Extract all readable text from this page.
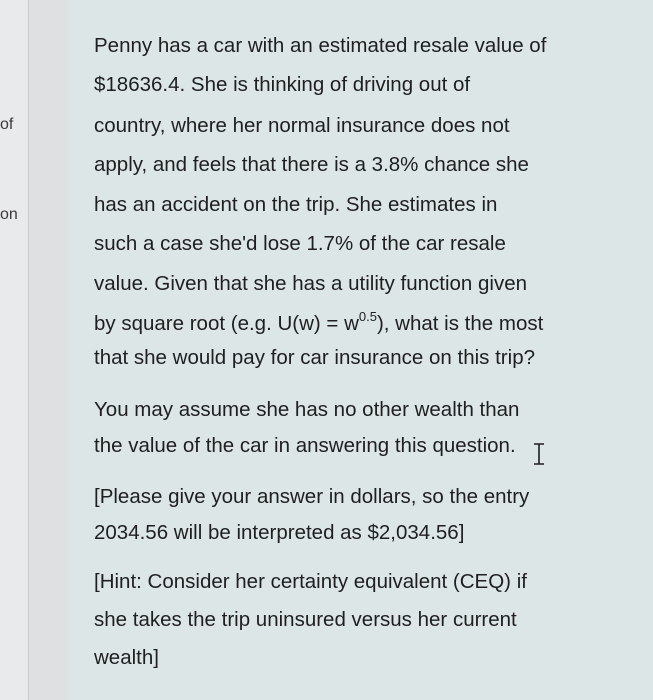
of
on
Penny has a car with an estimated resale value of
$18636.4. She is thinking of driving out of
country, where her normal insurance does not
apply, and feels that there is a 3.8% chance she
has an accident on the trip. She estimates in
such a case she'd lose 1.7% of the car resale
value. Given that she has a utility function given
by square root (e.g. $U(w) = w^{0.5}$), what is the most
that she would pay for car insurance on this trip?
You may assume she has no other wealth than
the value of the car in answering this question.
[Please give your answer in dollars, so the entry
2034.56 will be interpreted as $2,034.56]
[Hint: Consider her certainty equivalent (CEQ) if
she takes the trip uninsured versus her current
wealth]
